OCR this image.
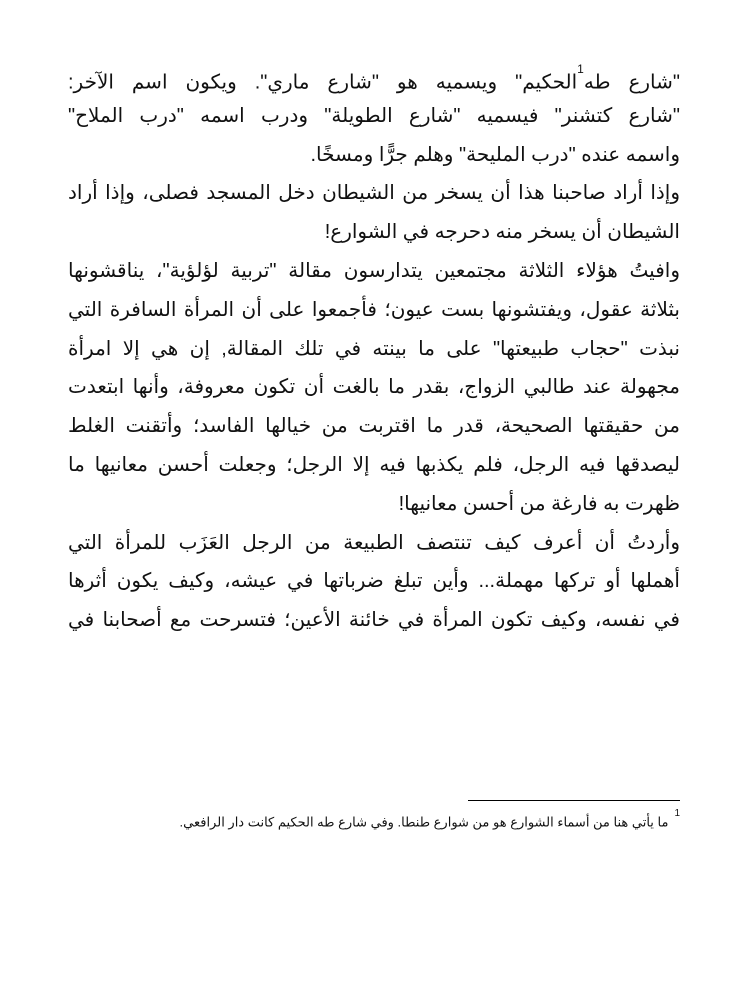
"شارع طه$^1$الحكيم" ويسميه هو "شارع ماري". ويكون اسم الآخر:
"شارع كتشنر" فيسميه "شارع الطويلة" ودرب اسمه "درب الملاح"
واسمه عنده "درب المليحة" وهلم جرًّا ومسخًا.
وإذا أراد صاحبنا هذا أن يسخر من الشيطان دخل المسجد فصلى، وإذا أراد
الشيطان أن يسخر منه دحرجه في الشوارع!
وافيتُ هؤلاء الثلاثة مجتمعين يتدارسون مقالة "تربية لؤلؤية"، يناقشونها
بثلاثة عقول، ويفتشونها بست عيون؛ فأجمعوا على أن المرأة السافرة التي
نبذت "حجاب طبيعتها" على ما بينته في تلك المقالة, إن هي إلا امرأة
مجهولة عند طالبي الزواج، بقدر ما بالغت أن تكون معروفة، وأنها ابتعدت
من حقيقتها الصحيحة، قدر ما اقتربت من خيالها الفاسد؛ وأتقنت الغلط
ليصدقها فيه الرجل، فلم يكذبها فيه إلا الرجل؛ وجعلت أحسن معانيها ما
ظهرت به فارغة من أحسن معانيها!
وأردتُ أن أعرف كيف تنتصف الطبيعة من الرجل العَزَب للمرأة التي
أهملها أو تركها مهملة... وأين تبلغ ضرباتها في عيشه، وكيف يكون أثرها
في نفسه، وكيف تكون المرأة في خائنة الأعين؛ فتسرحت مع أصحابنا في
$^1$ما يأتي هنا من أسماء الشوارع هو من شوارع طنطا. وفي شارع طه الحكيم كانت دار الرافعي.
